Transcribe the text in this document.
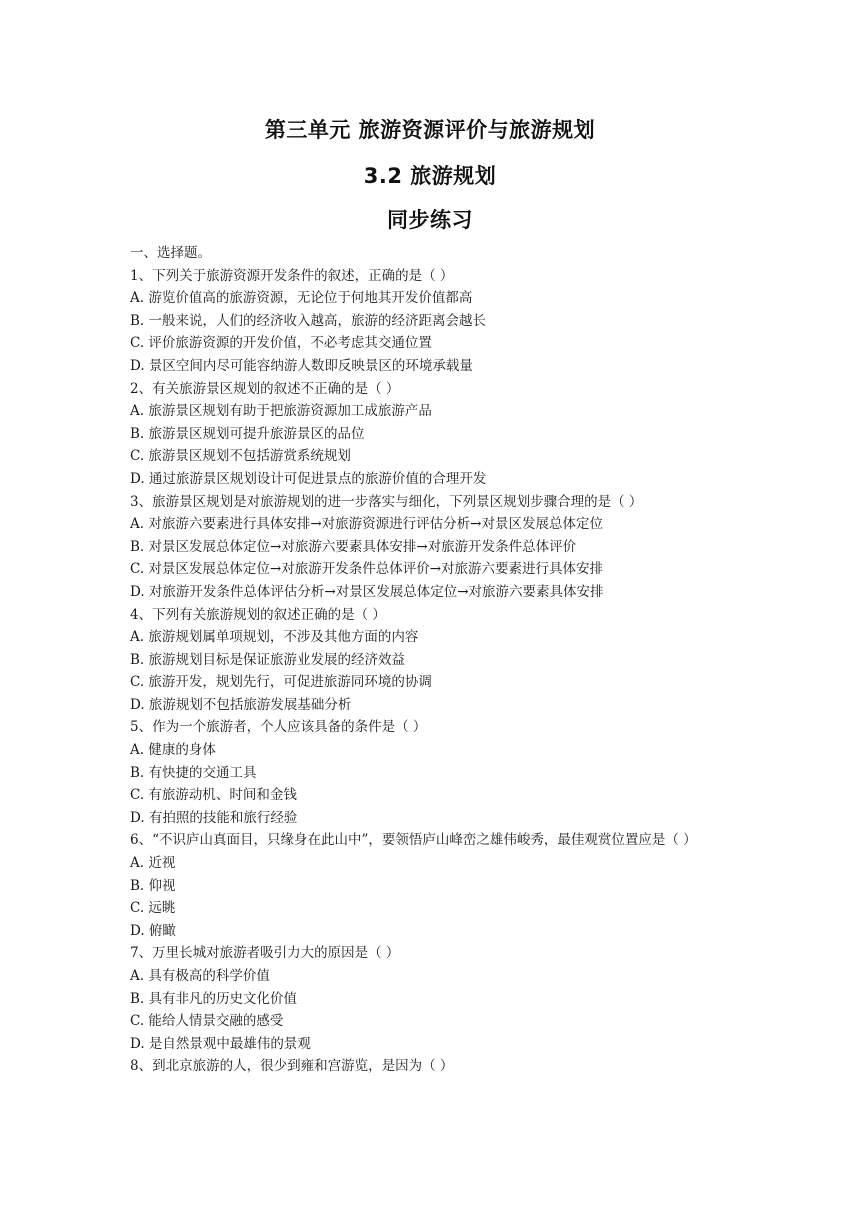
第三单元 旅游资源评价与旅游规划
3.2 旅游规划
同步练习
一、选择题。
1、下列关于旅游资源开发条件的叙述，正确的是（ ）
A. 游览价值高的旅游资源，无论位于何地其开发价值都高
B. 一般来说，人们的经济收入越高，旅游的经济距离会越长
C. 评价旅游资源的开发价值，不必考虑其交通位置
D. 景区空间内尽可能容纳游人数即反映景区的环境承载量
2、有关旅游景区规划的叙述不正确的是（ ）
A. 旅游景区规划有助于把旅游资源加工成旅游产品
B. 旅游景区规划可提升旅游景区的品位
C. 旅游景区规划不包括游赏系统规划
D. 通过旅游景区规划设计可促进景点的旅游价值的合理开发
3、旅游景区规划是对旅游规划的进一步落实与细化，下列景区规划步骤合理的是（ ）
A. 对旅游六要素进行具体安排→对旅游资源进行评估分析→对景区发展总体定位
B. 对景区发展总体定位→对旅游六要素具体安排→对旅游开发条件总体评价
C. 对景区发展总体定位→对旅游开发条件总体评价→对旅游六要素进行具体安排
D. 对旅游开发条件总体评估分析→对景区发展总体定位→对旅游六要素具体安排
4、下列有关旅游规划的叙述正确的是（ ）
A. 旅游规划属单项规划，不涉及其他方面的内容
B. 旅游规划目标是保证旅游业发展的经济效益
C. 旅游开发，规划先行，可促进旅游同环境的协调
D. 旅游规划不包括旅游发展基础分析
5、作为一个旅游者，个人应该具备的条件是（ ）
A. 健康的身体
B. 有快捷的交通工具
C. 有旅游动机、时间和金钱
D. 有拍照的技能和旅行经验
6、“不识庐山真面目，只缘身在此山中”，要领悟庐山峰峦之雄伟峻秀，最佳观赏位置应是（ ）
A. 近视
B. 仰视
C. 远眺
D. 俯瞰
7、万里长城对旅游者吸引力大的原因是（ ）
A. 具有极高的科学价值
B. 具有非凡的历史文化价值
C. 能给人情景交融的感受
D. 是自然景观中最雄伟的景观
8、到北京旅游的人，很少到雍和宫游览，是因为（ ）
